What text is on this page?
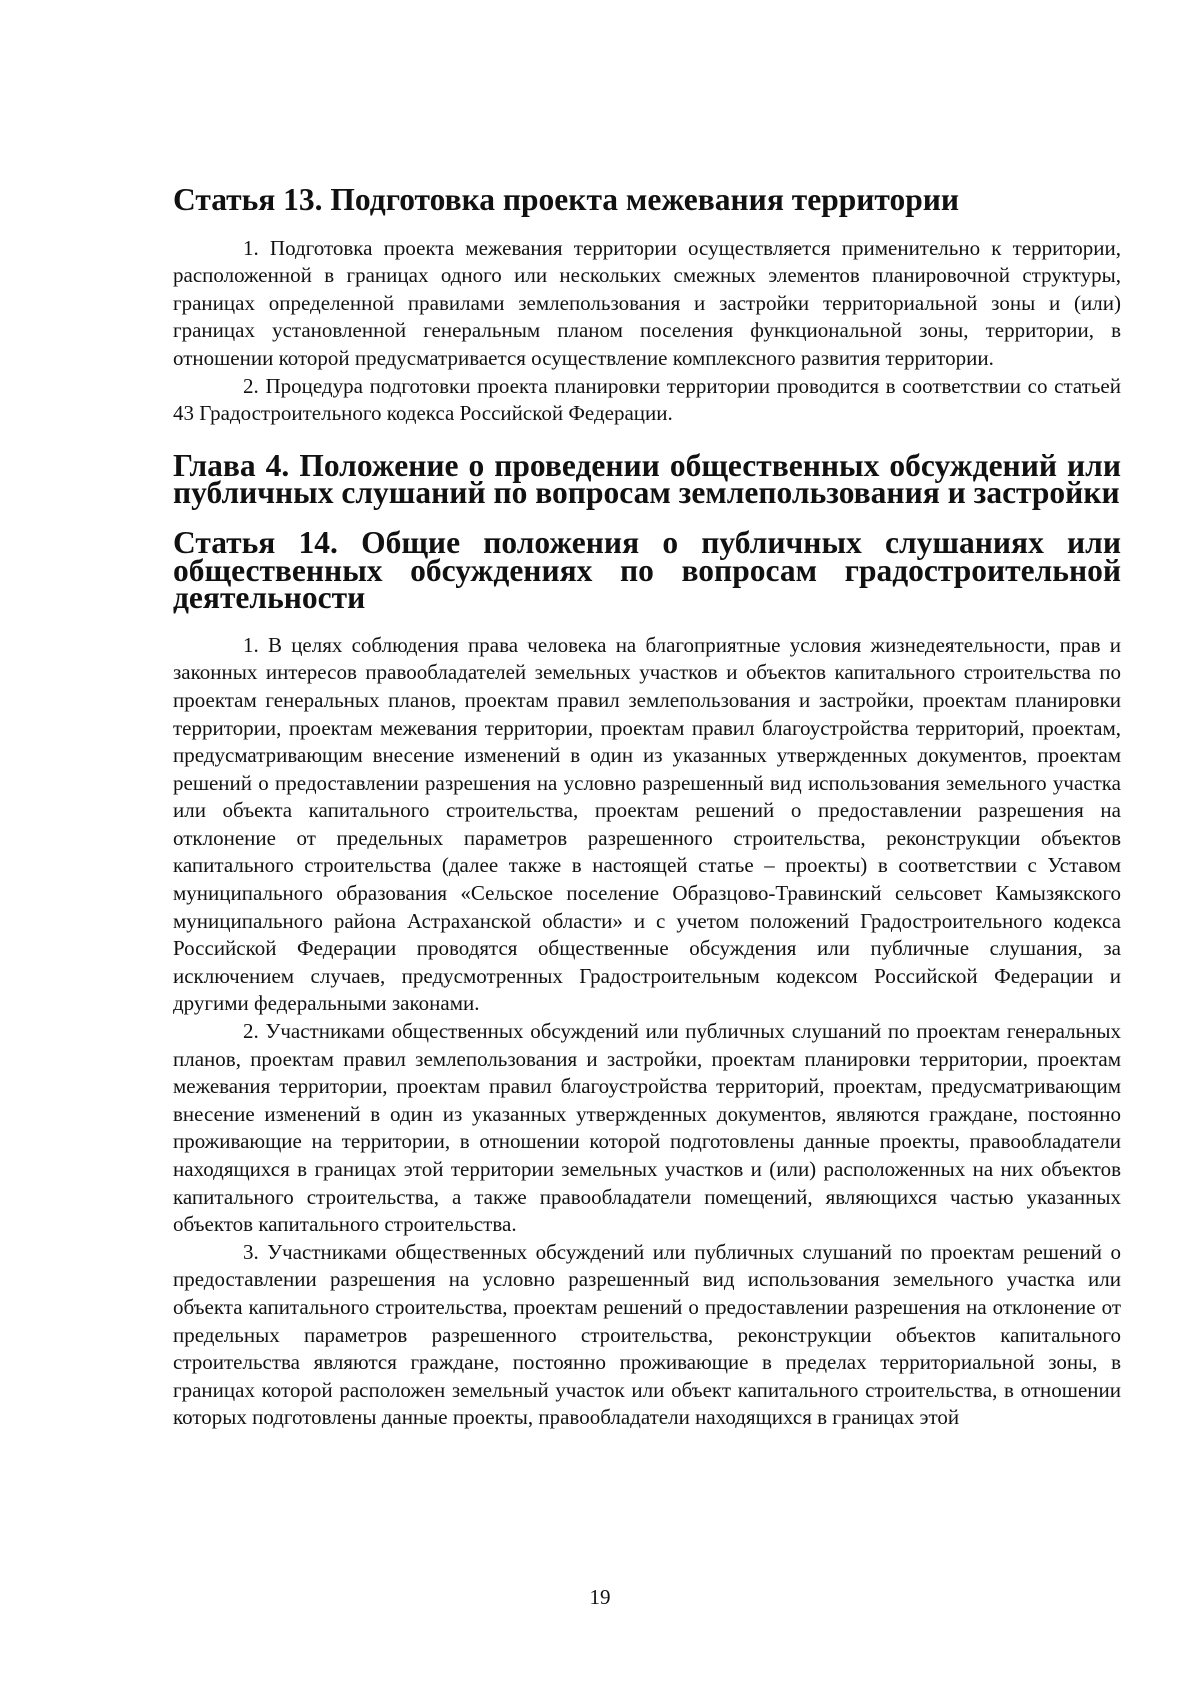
Статья 13. Подготовка проекта межевания территории

1. Подготовка проекта межевания территории осуществляется применительно к территории, расположенной в границах одного или нескольких смежных элементов планировочной структуры, границах определенной правилами землепользования и застройки территориальной зоны и (или) границах установленной генеральным планом поселения функциональной зоны, территории, в отношении которой предусматривается осуществление комплексного развития территории.

2. Процедура подготовки проекта планировки территории проводится в соответствии со статьей 43 Градостроительного кодекса Российской Федерации.

Глава 4. Положение о проведении общественных обсуждений или публичных слушаний по вопросам землепользования и застройки
Статья 14. Общие положения о публичных слушаниях или общественных обсуждениях по вопросам градостроительной деятельности

1. В целях соблюдения права человека на благоприятные условия жизнедеятельности, прав и законных интересов правообладателей земельных участков и объектов капитального строительства по проектам генеральных планов, проектам правил землепользования и застройки, проектам планировки территории, проектам межевания территории, проектам правил благоустройства территорий, проектам, предусматривающим внесение изменений в один из указанных утвержденных документов, проектам решений о предоставлении разрешения на условно разрешенный вид использования земельного участка или объекта капитального строительства, проектам решений о предоставлении разрешения на отклонение от предельных параметров разрешенного строительства, реконструкции объектов капитального строительства (далее также в настоящей статье – проекты) в соответствии с Уставом муниципального образования «Сельское поселение Образцово-Травинский сельсовет Камызякского муниципального района Астраханской области» и с учетом положений Градостроительного кодекса Российской Федерации проводятся общественные обсуждения или публичные слушания, за исключением случаев, предусмотренных Градостроительным кодексом Российской Федерации и другими федеральными законами.

2. Участниками общественных обсуждений или публичных слушаний по проектам генеральных планов, проектам правил землепользования и застройки, проектам планировки территории, проектам межевания территории, проектам правил благоустройства территорий, проектам, предусматривающим внесение изменений в один из указанных утвержденных документов, являются граждане, постоянно проживающие на территории, в отношении которой подготовлены данные проекты, правообладатели находящихся в границах этой территории земельных участков и (или) расположенных на них объектов капитального строительства, а также правообладатели помещений, являющихся частью указанных объектов капитального строительства.

3. Участниками общественных обсуждений или публичных слушаний по проектам решений о предоставлении разрешения на условно разрешенный вид использования земельного участка или объекта капитального строительства, проектам решений о предоставлении разрешения на отклонение от предельных параметров разрешенного строительства, реконструкции объектов капитального строительства являются граждане, постоянно проживающие в пределах территориальной зоны, в границах которой расположен земельный участок или объект капитального строительства, в отношении которых подготовлены данные проекты, правообладатели находящихся в границах этой

19
